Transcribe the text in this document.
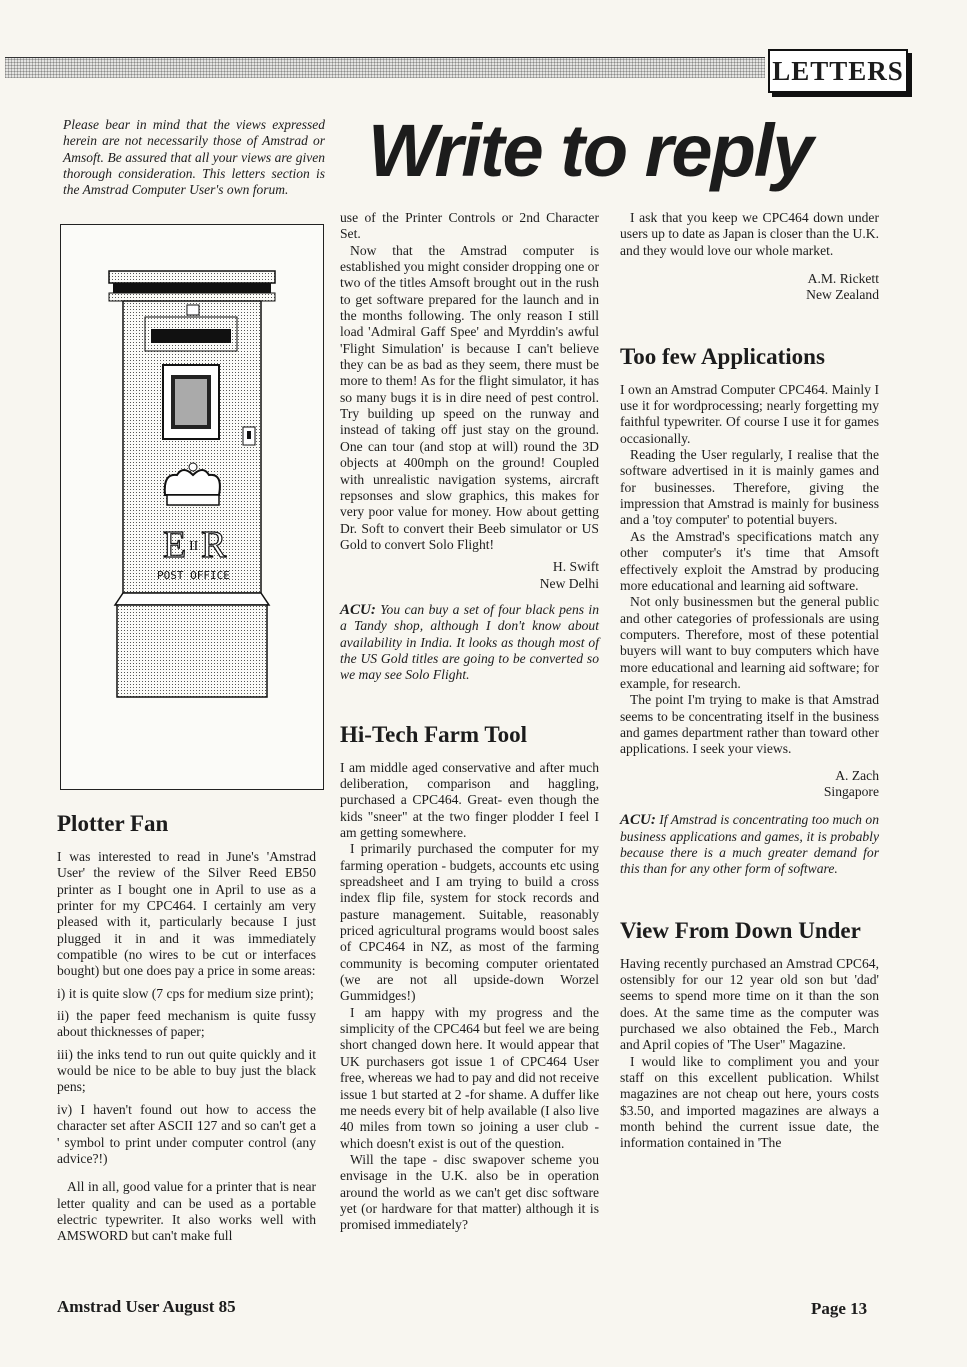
LETTERS
Please bear in mind that the views expressed herein are not necessarily those of Amstrad or Amsoft. Be assured that all your views are given thorough consideration. This letters section is the Amstrad Computer User's own forum.	Write to reply
E II R
POST OFFICE
Plotter Fan

I was interested to read in June's 'Amstrad User' the review of the Silver Reed EB50 printer as I bought one in April to use as a printer for my CPC464. I certainly am very pleased with it, particularly because I just plugged it in and it was immediately compatible (no wires to be cut or interfaces bought) but one does pay a price in some areas:

i) it is quite slow (7 cps for medium size print);

ii) the paper feed mechanism is quite fussy about thicknesses of paper;

iii) the inks tend to run out quite quickly and it would be nice to be able to buy just the black pens;

iv) I haven't found out how to access the character set after ASCII 127 and so can't get a ' symbol to print under computer control (any advice?!)

All in all, good value for a printer that is near letter quality and can be used as a portable electric typewriter. It also works well with AMSWORD but can't make full

use of the Printer Controls or 2nd Character Set.

Now that the Amstrad computer is established you might consider dropping one or two of the titles Amsoft brought out in the rush to get software prepared for the launch and in the months following. The only reason I still load 'Admiral Gaff Spee' and Myrddin's awful 'Flight Simulation' is because I can't believe they can be as bad as they seem, there must be more to them! As for the flight simulator, it has so many bugs it is in dire need of pest control. Try building up speed on the runway and instead of taking off just stay on the ground. One can tour (and stop at will) round the 3D objects at 400mph on the ground! Coupled with unrealistic navigation systems, aircraft repsonses and slow graphics, this makes for very poor value for money. How about getting Dr. Soft to convert their Beeb simulator or US Gold to convert Solo Flight!

H. Swift
New Delhi
ACU: You can buy a set of four black pens in a Tandy shop, although I don't know about availability in India. It looks as though most of the US Gold titles are going to be converted so we may see Solo Flight.
Hi-Tech Farm Tool

I am middle aged conservative and after much deliberation, comparison and haggling, purchased a CPC464. Great- even though the kids "sneer" at the two finger plodder I feel I am getting somewhere.

I primarily purchased the computer for my farming operation - budgets, accounts etc using spreadsheet and I am trying to build a cross index flip file, system for stock records and pasture management. Suitable, reasonably priced agricultural programs would boost sales of CPC464 in NZ, as most of the farming community is becoming computer orientated (we are not all upside-down Worzel Gummidges!)

I am happy with my progress and the simplicity of the CPC464 but feel we are being short changed down here. It would appear that UK purchasers got issue 1 of CPC464 User free, whereas we had to pay and did not receive issue 1 but started at 2 -for shame. A duffer like me needs every bit of help available (I also live 40 miles from town so joining a user club - which doesn't exist is out of the question.

Will the tape - disc swapover scheme you envisage in the U.K. also be in operation around the world as we can't get disc software yet (or hardware for that matter) although it is promised immediately?

I ask that you keep we CPC464 down under users up to date as Japan is closer than the U.K. and they would love our whole market.

A.M. Rickett
New Zealand
Too few Applications

I own an Amstrad Computer CPC464. Mainly I use it for wordprocessing; nearly forgetting my faithful typewriter. Of course I use it for games occasionally.

Reading the User regularly, I realise that the software advertised in it is mainly games and for businesses. Therefore, giving the impression that Amstrad is mainly for business and a 'toy computer' to potential buyers.

As the Amstrad's specifications match any other computer's it's time that Amsoft effectively exploit the Amstrad by producing more educational and learning aid software.

Not only businessmen but the general public and other categories of professionals are using computers. Therefore, most of these potential buyers will want to buy computers which have more educational and learning aid software; for example, for research.

The point I'm trying to make is that Amstrad seems to be concentrating itself in the business and games department rather than toward other applications. I seek your views.

A. Zach
Singapore
ACU: If Amstrad is concentrating too much on business applications and games, it is probably because there is a much greater demand for this than for any other form of software.
View From Down Under

Having recently purchased an Amstrad CPC64, ostensibly for our 12 year old son but 'dad' seems to spend more time on it than the son does. At the same time as the computer was purchased we also obtained the Feb., March and April copies of 'The User" Magazine.

I would like to compliment you and your staff on this excellent publication. Whilst magazines are not cheap out here, yours costs $3.50, and imported magazines are always a month behind the current issue date, the information contained in 'The

Amstrad User August 85	Page 13
